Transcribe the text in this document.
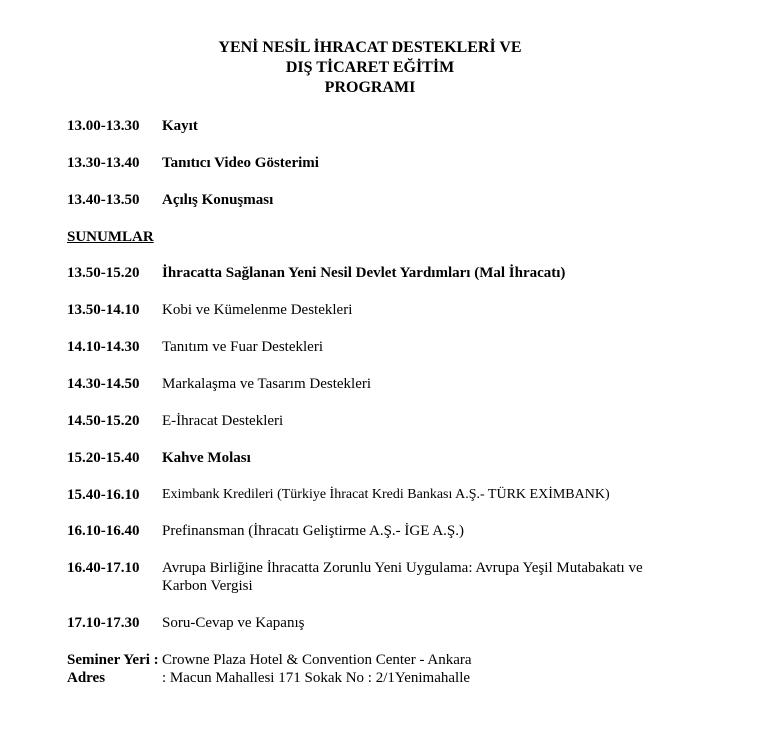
YENİ NESİL İHRACAT DESTEKLERİ VE
DIŞ TİCARET EĞİTİM
PROGRAMI
13.00-13.30 Kayıt
13.30-13.40 Tanıtıcı Video Gösterimi
13.40-13.50 Açılış Konuşması
SUNUMLAR
13.50-15.20 İhracatta Sağlanan Yeni Nesil Devlet Yardımları (Mal İhracatı)
13.50-14.10 Kobi ve Kümelenme Destekleri
14.10-14.30 Tanıtım ve Fuar Destekleri
14.30-14.50 Markalaşma ve Tasarım Destekleri
14.50-15.20 E-İhracat Destekleri
15.20-15.40 Kahve Molası
15.40-16.10 Eximbank Kredileri (Türkiye İhracat Kredi Bankası A.Ş.- TÜRK EXİMBANK)
16.10-16.40 Prefinansman (İhracatı Geliştirme A.Ş.- İGE A.Ş.)
16.40-17.10 Avrupa Birliğine İhracatta Zorunlu Yeni Uygulama: Avrupa Yeşil Mutabakatı ve Karbon Vergisi
17.10-17.30 Soru-Cevap ve Kapanış
Seminer Yeri : Crowne Plaza Hotel & Convention Center - Ankara
Adres	: Macun Mahallesi 171 Sokak No : 2/1Yenimahalle
